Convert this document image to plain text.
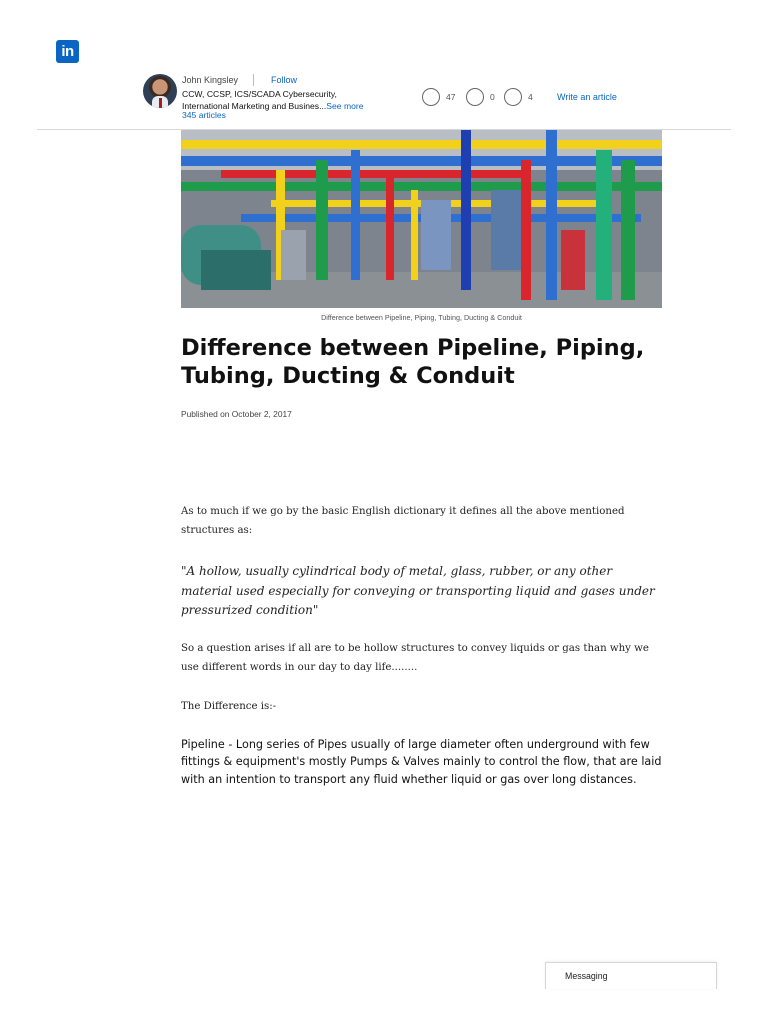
in
John Kingsley	Follow
CCW, CCSP, ICS/SCADA Cybersecurity,
International Marketing and Busines...See more
345 articles
47	0	4	Write an article
Difference between Pipeline, Piping, Tubing, Ducting & Conduit
Difference between Pipeline, Piping, Tubing, Ducting & Conduit
Published on October 2, 2017

As to much if we go by the basic English dictionary it defines all the above mentioned structures as:

"A hollow, usually cylindrical body of metal, glass, rubber, or any other material used especially for conveying or transporting liquid and gases under pressurized condition"

So a question arises if all are to be hollow structures to convey liquids or gas than why we use different words in our day to day life........

The Difference is:-

Pipeline - Long series of Pipes usually of large diameter often underground with few fittings & equipment's mostly Pumps & Valves mainly to control the flow, that are laid with an intention to transport any fluid whether liquid or gas over long distances.

Messaging
